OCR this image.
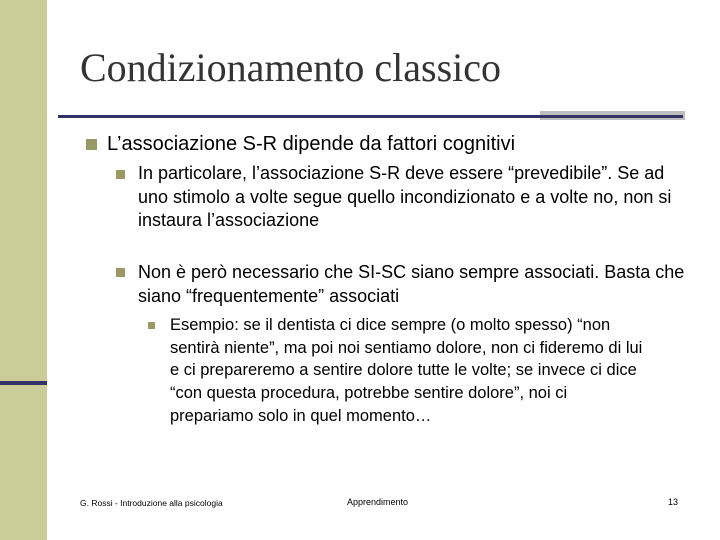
Condizionamento classico
L’associazione S-R dipende da fattori cognitivi
In particolare, l’associazione S-R deve essere “prevedibile”. Se ad uno stimolo a volte segue quello incondizionato e a volte no, non si instaura l’associazione
Non è però necessario che SI-SC siano sempre associati. Basta che siano “frequentemente” associati
Esempio: se il dentista ci dice sempre (o molto spesso) “non sentirà niente”, ma poi noi sentiamo dolore, non ci fideremo di lui e ci prepareremo a sentire dolore tutte le volte; se invece ci dice “con questa procedura, potrebbe sentire dolore”, noi ci prepariamo solo in quel momento…
G. Rossi - Introduzione alla psicologia	Apprendimento	13
